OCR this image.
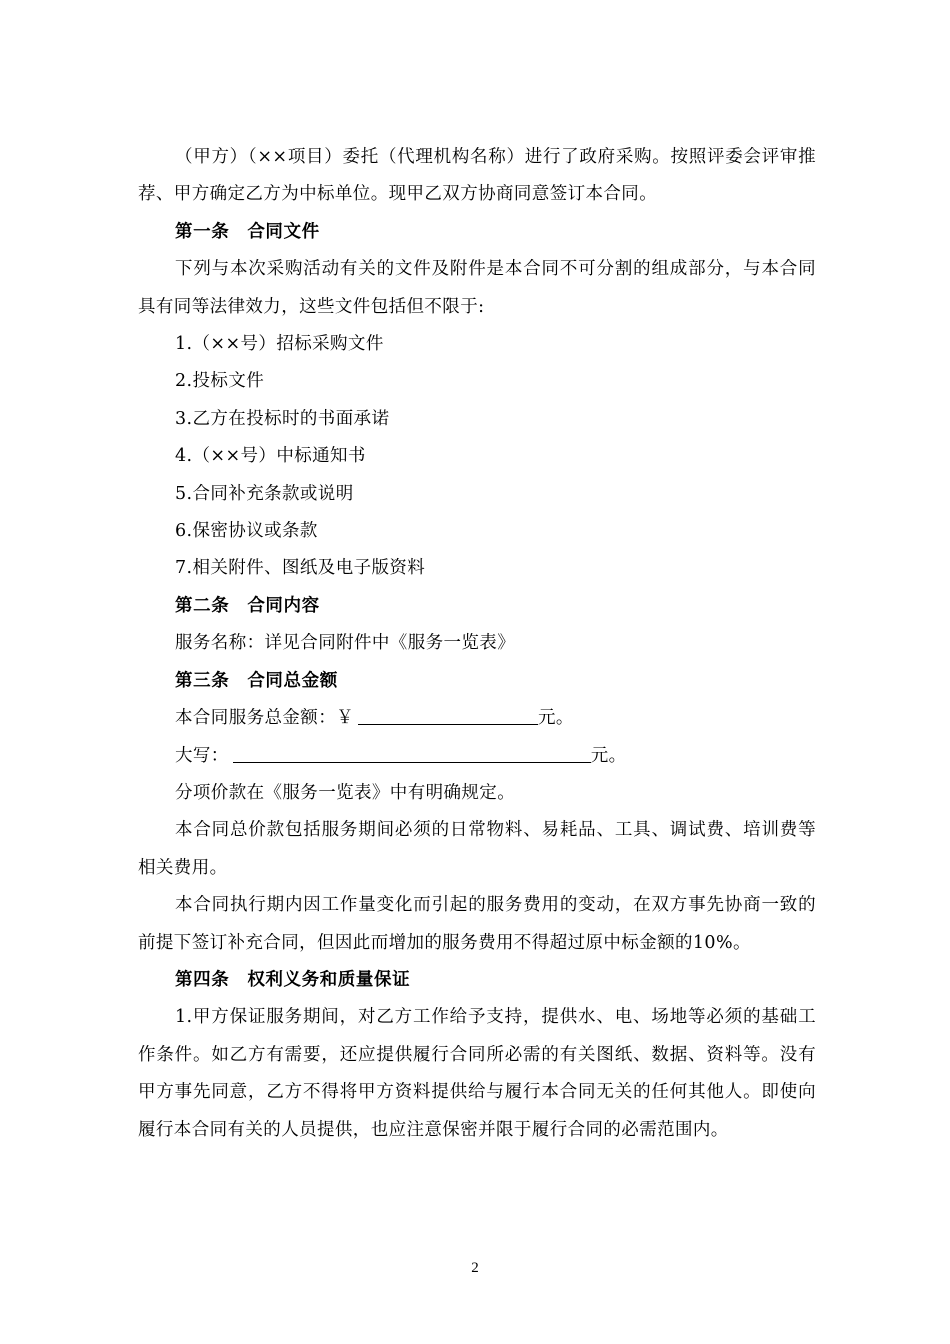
（甲方）（××项目）委托（代理机构名称）进行了政府采购。按照评委会评审推荐、甲方确定乙方为中标单位。现甲乙双方协商同意签订本合同。

第一条 合同文件

下列与本次采购活动有关的文件及附件是本合同不可分割的组成部分，与本合同具有同等法律效力，这些文件包括但不限于:

1.（××号）招标采购文件

2.投标文件

3.乙方在投标时的书面承诺

4.（××号）中标通知书

5.合同补充条款或说明

6.保密协议或条款

7.相关附件、图纸及电子版资料

第二条 合同内容

服务名称：详见合同附件中《服务一览表》

第三条 合同总金额

本合同服务总金额：￥	元。

大写：	元。

分项价款在《服务一览表》中有明确规定。

本合同总价款包括服务期间必须的日常物料、易耗品、工具、调试费、培训费等相关费用。

本合同执行期内因工作量变化而引起的服务费用的变动，在双方事先协商一致的前提下签订补充合同，但因此而增加的服务费用不得超过原中标金额的10%。

第四条 权利义务和质量保证

1.甲方保证服务期间，对乙方工作给予支持，提供水、电、场地等必须的基础工作条件。如乙方有需要，还应提供履行合同所必需的有关图纸、数据、资料等。没有甲方事先同意，乙方不得将甲方资料提供给与履行本合同无关的任何其他人。即使向履行本合同有关的人员提供，也应注意保密并限于履行合同的必需范围内。

2
